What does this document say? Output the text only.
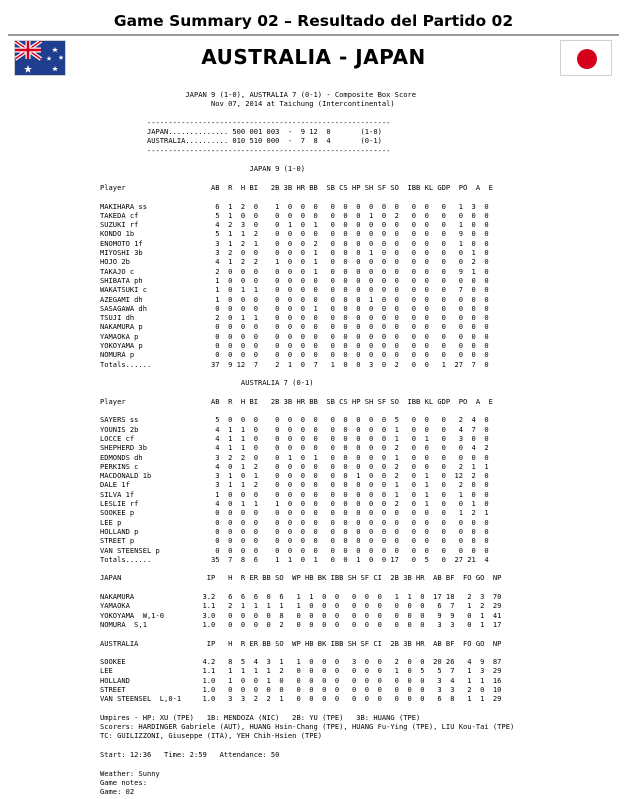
Game Summary 02 – Resultado del Partido 02
AUSTRALIA - JAPAN
JAPAN 9 (1-0), AUSTRALIA 7 (0-1) - Composite Box Score
Nov 07, 2014 at Taichung (Intercontinental)
---------------------------------------------------------
JAPAN.............. 500 001 003  -  9 12  0       (1-0)
AUSTRALIA.......... 010 510 000  -  7  8  4       (0-1)
---------------------------------------------------------
JAPAN 9 (1-0)
Player                    AB  R  H BI   2B 3B HR BB  SB CS HP SH SF SO  IBB KL GDP  PO  A  E
MAKIHARA ss                6  1  2  0    1  0  0  0   0  0  0  0  0  0   0  0   0   1  3  0
TAKEDA cf                  5  1  0  0    0  0  0  0   0  0  0  1  0  2   0  0   0   0  0  0
SUZUKI rf                  4  2  3  0    0  1  0  1   0  0  0  0  0  0   0  0   0   1  0  0
KONDO 1b                   5  1  1  2    0  0  0  0   0  0  0  0  0  0   0  0   0   9  0  0
ENOMOTO 1f                 3  1  2  1    0  0  0  2   0  0  0  0  0  0   0  0   0   1  0  0
MIYOSHI 3b                 3  2  0  0    0  0  0  1   0  0  0  1  0  0   0  0   0   0  1  0
HOJO 2b                    4  1  2  2    1  0  0  1   0  0  0  0  0  0   0  0   0   0  2  0
TAKAJO c                   2  0  0  0    0  0  0  1   0  0  0  0  0  0   0  0   0   9  1  0
SHIBATA ph                 1  0  0  0    0  0  0  0   0  0  0  0  0  0   0  0   0   0  0  0
WAKATSUKI c                1  0  1  1    0  0  0  0   0  0  0  0  0  0   0  0   0   7  0  0
AZEGAMI dh                 1  0  0  0    0  0  0  0   0  0  0  1  0  0   0  0   0   0  0  0
SASAGAWA dh                0  0  0  0    0  0  0  1   0  0  0  0  0  0   0  0   0   0  0  0
TSUJI dh                   2  0  1  1    0  0  0  0   0  0  0  0  0  0   0  0   0   0  0  0
NAKAMURA p                 0  0  0  0    0  0  0  0   0  0  0  0  0  0   0  0   0   0  0  0
YAMAOKA p                  0  0  0  0    0  0  0  0   0  0  0  0  0  0   0  0   0   0  0  0
YOKOYAMA p                 0  0  0  0    0  0  0  0   0  0  0  0  0  0   0  0   0   0  0  0
NOMURA p                   0  0  0  0    0  0  0  0   0  0  0  0  0  0   0  0   0   0  0  0
Totals......              37  9 12  7    2  1  0  7   1  0  0  3  0  2   0  0   1  27  7  0
AUSTRALIA 7 (0-1)
Player                    AB  R  H BI   2B 3B HR BB  SB CS HP SH SF SO  IBB KL GDP  PO  A  E
SAYERS ss                  5  0  0  0    0  0  0  0   0  0  0  0  0  5   0  0   0   2  4  0
YOUNIS 2b                  4  1  1  0    0  0  0  0   0  0  0  0  0  1   0  0   0   4  7  0
LOCCE cf                   4  1  1  0    0  0  0  0   0  0  0  0  0  1   0  1   0   3  0  0
SHEPHERD 3b                4  1  1  0    0  0  0  0   0  0  0  0  0  2   0  0   0   0  4  2
EDMONDS dh                 3  2  2  0    0  1  0  1   0  0  0  0  0  1   0  0   0   0  0  0
PERKINS c                  4  0  1  2    0  0  0  0   0  0  0  0  0  2   0  0   0   2  1  1
MACDONALD 1b               3  1  0  1    0  0  0  0   0  0  1  0  0  2   0  1   0  12  2  0
DALE 1f                    3  1  1  2    0  0  0  0   0  0  0  0  0  1   0  1   0   2  0  0
SILVA 1f                   1  0  0  0    0  0  0  0   0  0  0  0  0  1   0  1   0   1  0  0
LESLIE rf                  4  0  1  1    1  0  0  0   0  0  0  0  0  2   0  1   0   0  1  0
SOOKEE p                   0  0  0  0    0  0  0  0   0  0  0  0  0  0   0  0   0   1  2  1
LEE p                      0  0  0  0    0  0  0  0   0  0  0  0  0  0   0  0   0   0  0  0
HOLLAND p                  0  0  0  0    0  0  0  0   0  0  0  0  0  0   0  0   0   0  0  0
STREET p                   0  0  0  0    0  0  0  0   0  0  0  0  0  0   0  0   0   0  0  0
VAN STEENSEL p             0  0  0  0    0  0  0  0   0  0  0  0  0  0   0  0   0   0  0  0
Totals......              35  7  8  6    1  1  0  1   0  0  1  0  0 17   0  5   0  27 21  4
JAPAN                    IP   H  R ER BB SO  WP HB BK IBB SH SF CI  2B 3B HR  AB BF  FO GO  NP
NAKAMURA                3.2   6  6  6  0  6   1  1  0  0   0  0  0   1  1  0  17 18   2  3  70
YAMAOKA                 1.1   2  1  1  1  1   1  0  0  0   0  0  0   0  0  0   6  7   1  2  29
YOKOYAMA  W,1-0         3.0   0  0  0  0  8   0  0  0  0   0  0  0   0  0  0   9  9   0  1  41
NOMURA  S,1             1.0   0  0  0  0  2   0  0  0  0   0  0  0   0  0  0   3  3   0  1  17
AUSTRALIA                IP   H  R ER BB SO  WP HB BK IBB SH SF CI  2B 3B HR  AB BF  FO GO  NP
SOOKEE                  4.2   8  5  4  3  1   1  0  0  0   3  0  0   2  0  0  20 26   4  9  87
LEE                     1.1   1  1  1  1  2   0  0  0  0   0  0  0   1  0  5   5  7   1  3  29
HOLLAND                 1.0   1  0  0  1  0   0  0  0  0   0  0  0   0  0  0   3  4   1  1  16
STREET                  1.0   0  0  0  0  0   0  0  0  0   0  0  0   0  0  0   3  3   2  0  10
VAN STEENSEL  L,0-1     1.0   3  3  2  2  1   0  0  0  0   0  0  0   0  0  0   6  8   1  1  29
Umpires - HP: XU (TPE)   1B: MENDOZA (NIC)   2B: YU (TPE)   3B: HUANG (TPE)
Scorers: HARDINGER Gabriele (AUT), HUANG Hsin-Chang (TPE), HUANG Fu-Ying (TPE), LIU Kou-Tai (TPE)
TC: GUILIZZONI, Giuseppe (ITA), YEH Chih-Hsien (TPE)
Start: 12:36   Time: 2:59   Attendance: 50
Weather: Sunny
Game notes:
Game: 02
